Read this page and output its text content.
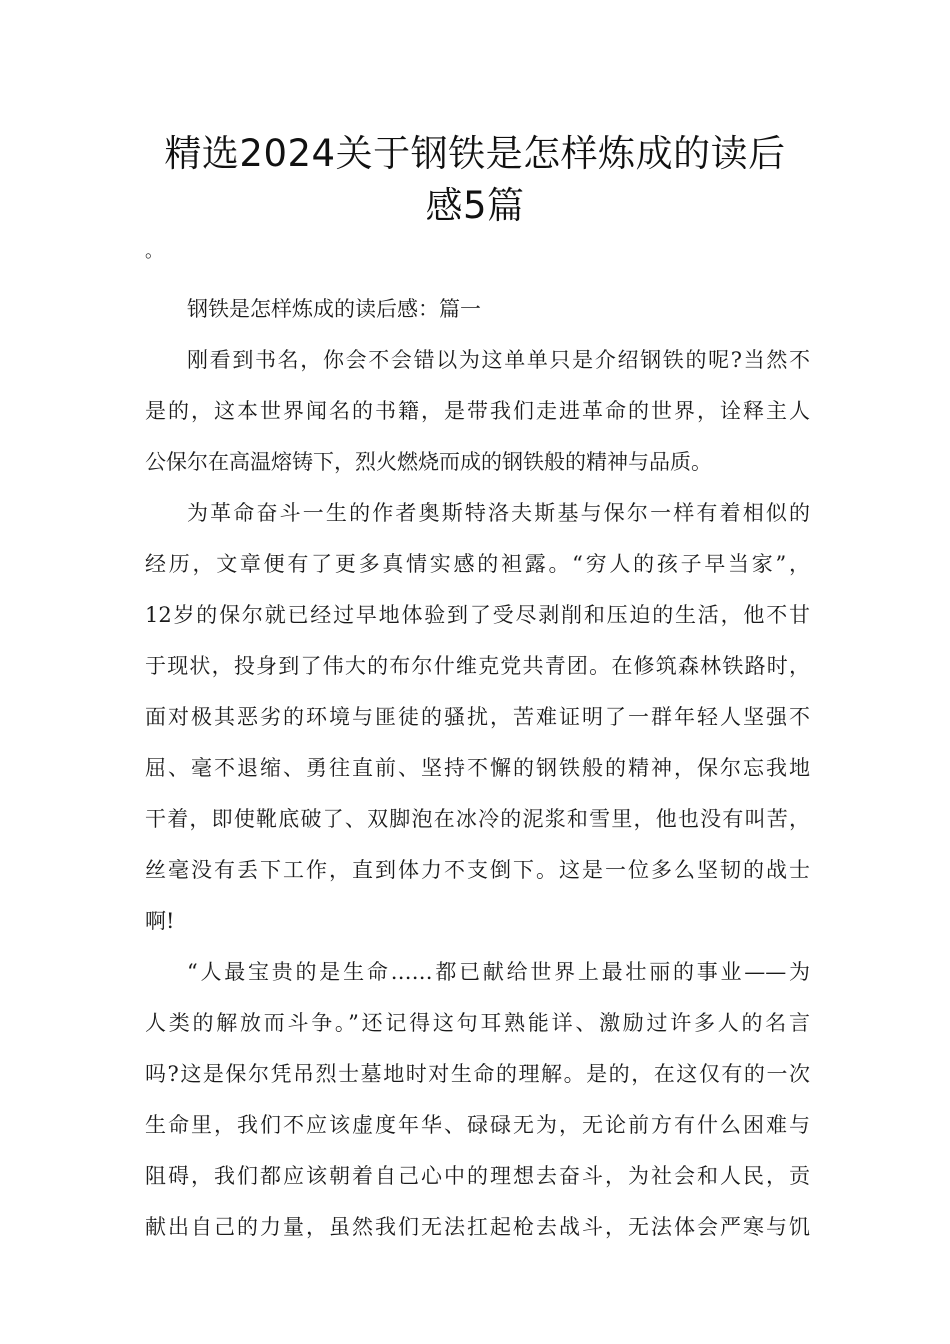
精选2024关于钢铁是怎样炼成的读后
感5篇
。

钢铁是怎样炼成的读后感：篇一

刚看到书名，你会不会错以为这单单只是介绍钢铁的呢?当然不
是的，这本世界闻名的书籍，是带我们走进革命的世界，诠释主人
公保尔在高温熔铸下，烈火燃烧而成的钢铁般的精神与品质。

为革命奋斗一生的作者奥斯特洛夫斯基与保尔一样有着相似的
经历，文章便有了更多真情实感的袒露。“穷人的孩子早当家”，
12岁的保尔就已经过早地体验到了受尽剥削和压迫的生活，他不甘
于现状，投身到了伟大的布尔什维克党共青团。在修筑森林铁路时，
面对极其恶劣的环境与匪徒的骚扰，苦难证明了一群年轻人坚强不
屈、毫不退缩、勇往直前、坚持不懈的钢铁般的精神，保尔忘我地
干着，即使靴底破了、双脚泡在冰冷的泥浆和雪里，他也没有叫苦，
丝毫没有丢下工作，直到体力不支倒下。这是一位多么坚韧的战士
啊!

“人最宝贵的是生命……都已献给世界上最壮丽的事业——为
人类的解放而斗争。”还记得这句耳熟能详、激励过许多人的名言
吗?这是保尔凭吊烈士墓地时对生命的理解。是的，在这仅有的一次
生命里，我们不应该虚度年华、碌碌无为，无论前方有什么困难与
阻碍，我们都应该朝着自己心中的理想去奋斗，为社会和人民，贡
献出自己的力量，虽然我们无法扛起枪去战斗，无法体会严寒与饥
